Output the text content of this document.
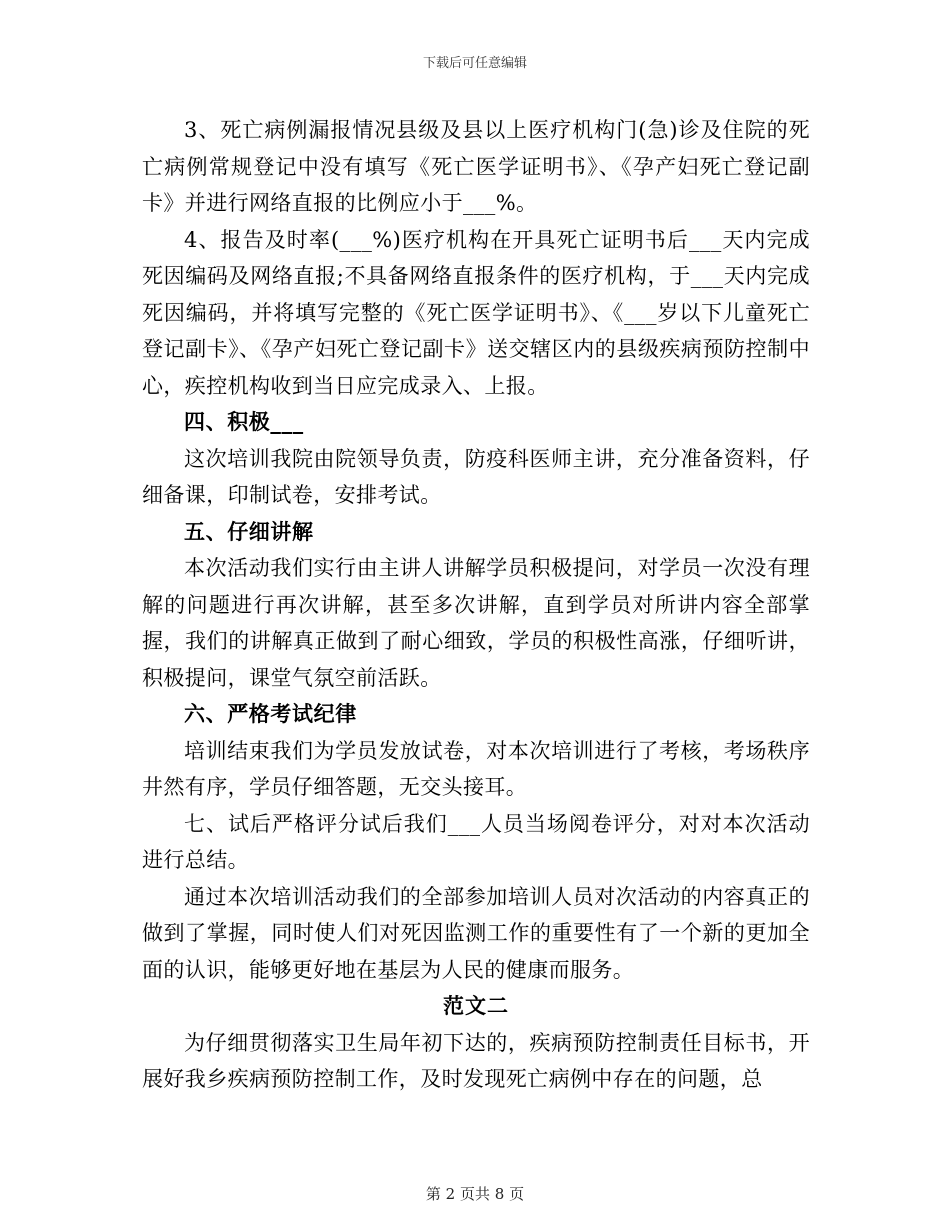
下载后可任意编辑

3、死亡病例漏报情况县级及县以上医疗机构门(急)诊及住院的死亡病例常规登记中没有填写《死亡医学证明书》、《孕产妇死亡登记副卡》并进行网络直报的比例应小于___%。

4、报告及时率(___%)医疗机构在开具死亡证明书后___天内完成死因编码及网络直报;不具备网络直报条件的医疗机构，于___天内完成死因编码，并将填写完整的《死亡医学证明书》、《___岁以下儿童死亡登记副卡》、《孕产妇死亡登记副卡》送交辖区内的县级疾病预防控制中心，疾控机构收到当日应完成录入、上报。

四、积极___

这次培训我院由院领导负责，防疫科医师主讲，充分准备资料，仔细备课，印制试卷，安排考试。

五、仔细讲解

本次活动我们实行由主讲人讲解学员积极提问，对学员一次没有理解的问题进行再次讲解，甚至多次讲解，直到学员对所讲内容全部掌握，我们的讲解真正做到了耐心细致，学员的积极性高涨，仔细听讲，积极提问，课堂气氛空前活跃。

六、严格考试纪律

培训结束我们为学员发放试卷，对本次培训进行了考核，考场秩序井然有序，学员仔细答题，无交头接耳。

七、试后严格评分试后我们___人员当场阅卷评分，对对本次活动进行总结。

通过本次培训活动我们的全部参加培训人员对次活动的内容真正的做到了掌握，同时使人们对死因监测工作的重要性有了一个新的更加全面的认识，能够更好地在基层为人民的健康而服务。

范文二

为仔细贯彻落实卫生局年初下达的，疾病预防控制责任目标书，开展好我乡疾病预防控制工作，及时发现死亡病例中存在的问题，总

第 2 页共 8 页
